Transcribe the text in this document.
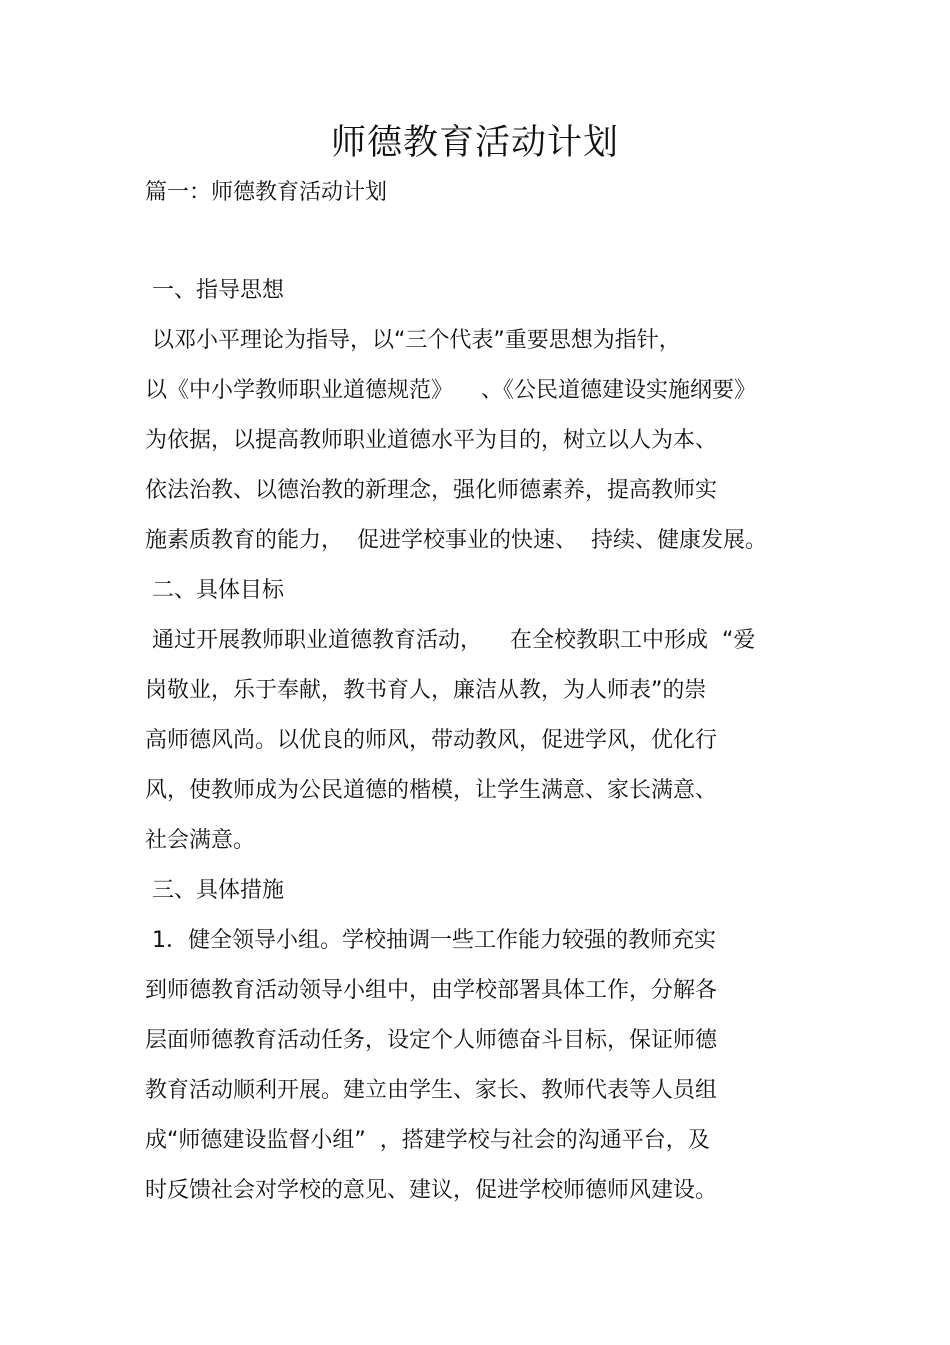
师德教育活动计划
篇一：师德教育活动计划
一、指导思想
以邓小平理论为指导，以“三个代表”重要思想为指针，
以《中小学教师职业道德规范》    、《公民道德建设实施纲要》
为依据，以提高教师职业道德水平为目的，树立以人为本、
依法治教、以德治教的新理念，强化师德素养，提高教师实
施素质教育的能力，  促进学校事业的快速、  持续、健康发展。
二、具体目标
通过开展教师职业道德教育活动，    在全校教职工中形成  “爱
岗敬业，乐于奉献，教书育人，廉洁从教，为人师表”的崇
高师德风尚。以优良的师风，带动教风，促进学风，优化行
风，使教师成为公民道德的楷模，让学生满意、家长满意、
社会满意。
三、具体措施
1．健全领导小组。学校抽调一些工作能力较强的教师充实
到师德教育活动领导小组中，由学校部署具体工作，分解各
层面师德教育活动任务，设定个人师德奋斗目标，保证师德
教育活动顺利开展。建立由学生、家长、教师代表等人员组
成“师德建设监督小组”  ，搭建学校与社会的沟通平台，及
时反馈社会对学校的意见、建议，促进学校师德师风建设。
